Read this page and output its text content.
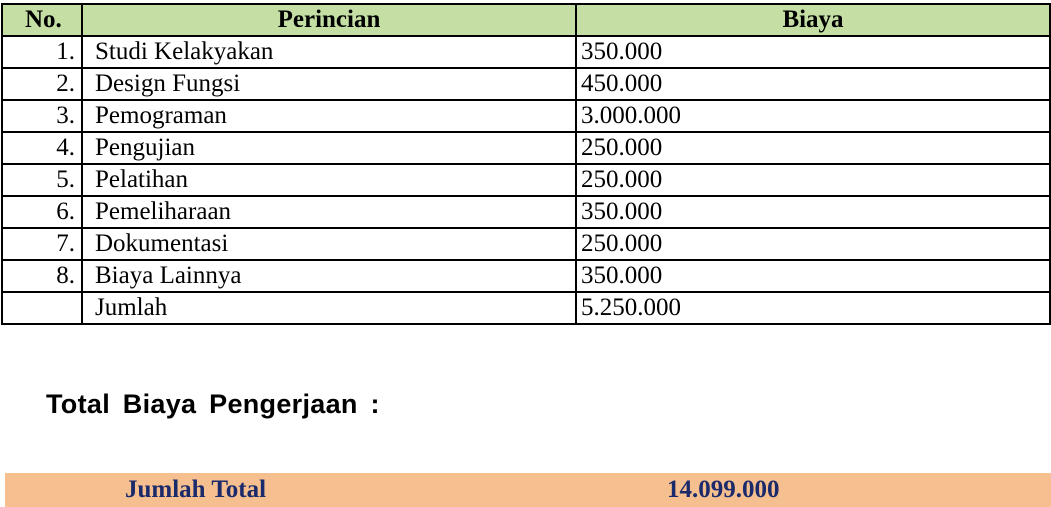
No.	Perincian	Biaya
1.	Studi Kelakyakan	350.000
2.	Design Fungsi	450.000
3.	Pemograman	3.000.000
4.	Pengujian	250.000
5.	Pelatihan	250.000
6.	Pemeliharaan	350.000
7.	Dokumentasi	250.000
8.	Biaya Lainnya	350.000
	Jumlah	5.250.000
Total Biaya Pengerjaan :
Jumlah Total	14.099.000
